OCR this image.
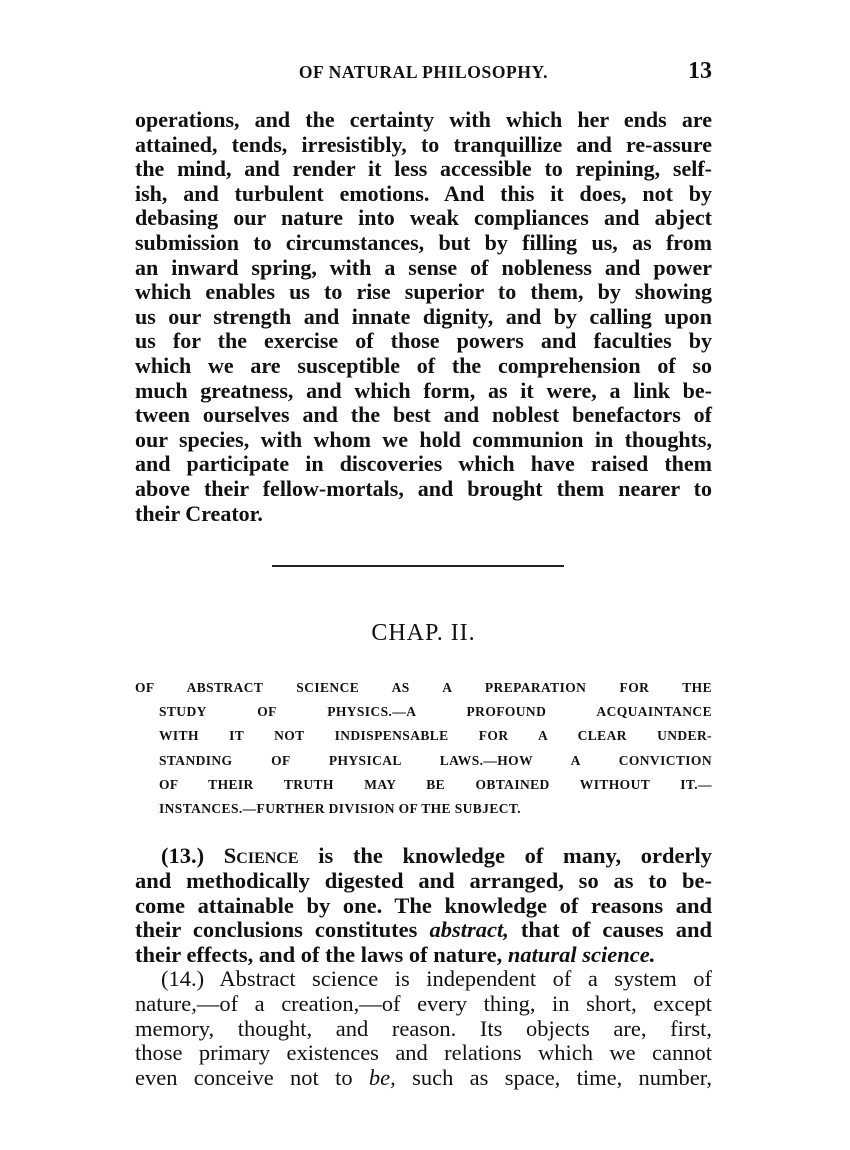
OF NATURAL PHILOSOPHY.	13
operations, and the certainty with which her ends are
attained, tends, irresistibly, to tranquillize and re-assure
the mind, and render it less accessible to repining, self-
ish, and turbulent emotions. And this it does, not by
debasing our nature into weak compliances and abject
submission to circumstances, but by filling us, as from
an inward spring, with a sense of nobleness and power
which enables us to rise superior to them, by showing
us our strength and innate dignity, and by calling upon
us for the exercise of those powers and faculties by
which we are susceptible of the comprehension of so
much greatness, and which form, as it were, a link be-
tween ourselves and the best and noblest benefactors of
our species, with whom we hold communion in thoughts,
and participate in discoveries which have raised them
above their fellow-mortals, and brought them nearer to
their Creator.
CHAP. II.
OF ABSTRACT SCIENCE AS A PREPARATION FOR THE
STUDY OF PHYSICS.—A PROFOUND ACQUAINTANCE
WITH IT NOT INDISPENSABLE FOR A CLEAR UNDER-
STANDING OF PHYSICAL LAWS.—HOW A CONVICTION
OF THEIR TRUTH MAY BE OBTAINED WITHOUT IT.—
INSTANCES.—FURTHER DIVISION OF THE SUBJECT.
(13.) Science is the knowledge of many, orderly
and methodically digested and arranged, so as to be-
come attainable by one. The knowledge of reasons and
their conclusions constitutes abstract, that of causes and
their effects, and of the laws of nature, natural science.
(14.) Abstract science is independent of a system of
nature,—of a creation,—of every thing, in short, except
memory, thought, and reason. Its objects are, first,
those primary existences and relations which we cannot
even conceive not to be, such as space, time, number,
